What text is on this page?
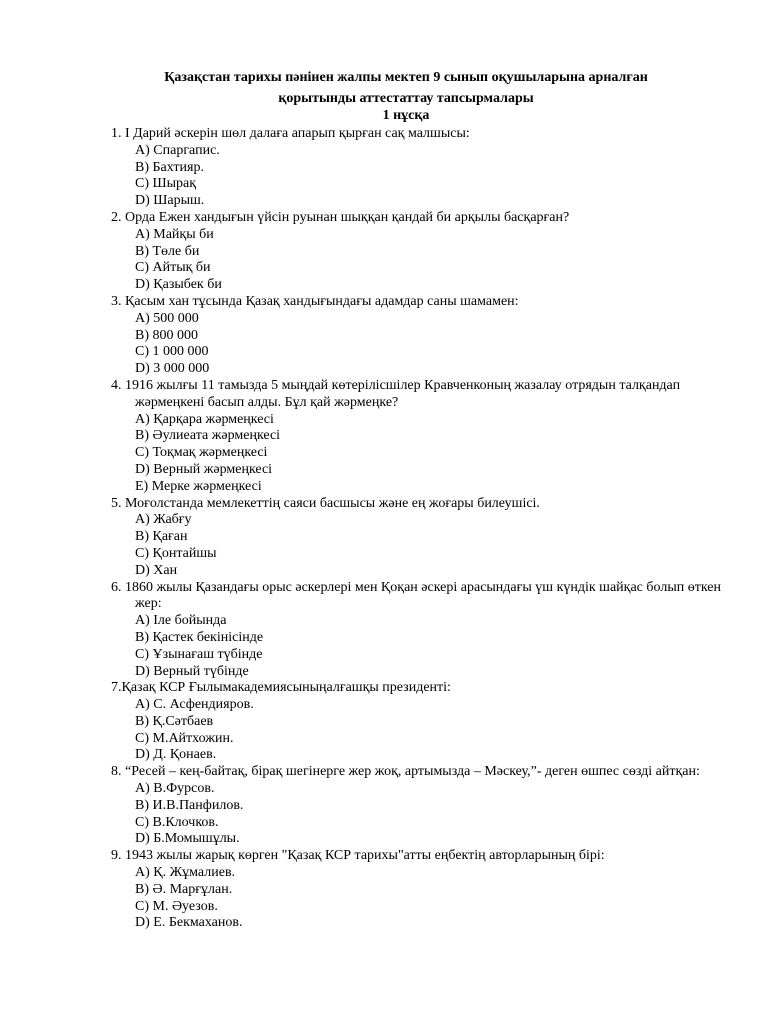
Қазақстан тарихы пәнінен жалпы мектеп 9 сынып оқушыларына арналған
қорытынды аттестаттау тапсырмалары
1 нұсқа
1. I Дарий әскерін шөл далаға апарып қырған сақ малшысы:
A) Спаргапис.
B) Бахтияр.
C) Шырақ
D) Шарыш.
2. Орда Ежен хандығын үйсін руынан шыққан қандай би арқылы басқарған?
A) Майқы би
B) Төле би
C) Айтық би
D) Қазыбек би
3. Қасым хан тұсында Қазақ хандығындағы адамдар саны шамамен:
A) 500 000
B) 800 000
C) 1 000 000
D) 3 000 000
4. 1916 жылғы 11 тамызда 5 мыңдай көтерілісшілер Кравченконың жазалау отрядын талқандап жәрмеңкені басып алды. Бұл қай жәрмеңке?
A) Қарқара жәрмеңкесі
B) Әулиеата жәрмеңкесі
C) Тоқмақ жәрмеңкесі
D) Верный жәрмеңкесі
E) Мерке жәрмеңкесі
5. Моғолстанда мемлекеттің саяси басшысы және ең жоғары билеушісі.
A) Жабғу
B) Қаған
C) Қонтайшы
D) Хан
6. 1860 жылы Қазандағы орыс әскерлері мен Қоқан әскері арасындағы үш күндік шайқас болып өткен жер:
A) Іле бойында
B) Қастек бекінісінде
C) Ұзынағаш түбінде
D) Верный түбінде
7.Қазақ КСР Ғылымакадемиясыныңалғашқы президенті:
A) С. Асфендияров.
B) Қ.Сәтбаев
C) М.Айтхожин.
D) Д. Қонаев.
8. “Ресей – кең-байтақ, бірақ шегінерге жер жоқ, артымызда – Мәскеу,”- деген өшпес сөзді айтқан:
A) В.Фурсов.
B) И.В.Панфилов.
C) В.Клочков.
D) Б.Момышұлы.
9. 1943 жылы жарық көрген "Қазақ КСР тарихы"атты еңбектің авторларының бірі:
A) Қ. Жұмалиев.
B) Ә. Марғұлан.
C) М. Әуезов.
D) Е. Бекмаханов.
